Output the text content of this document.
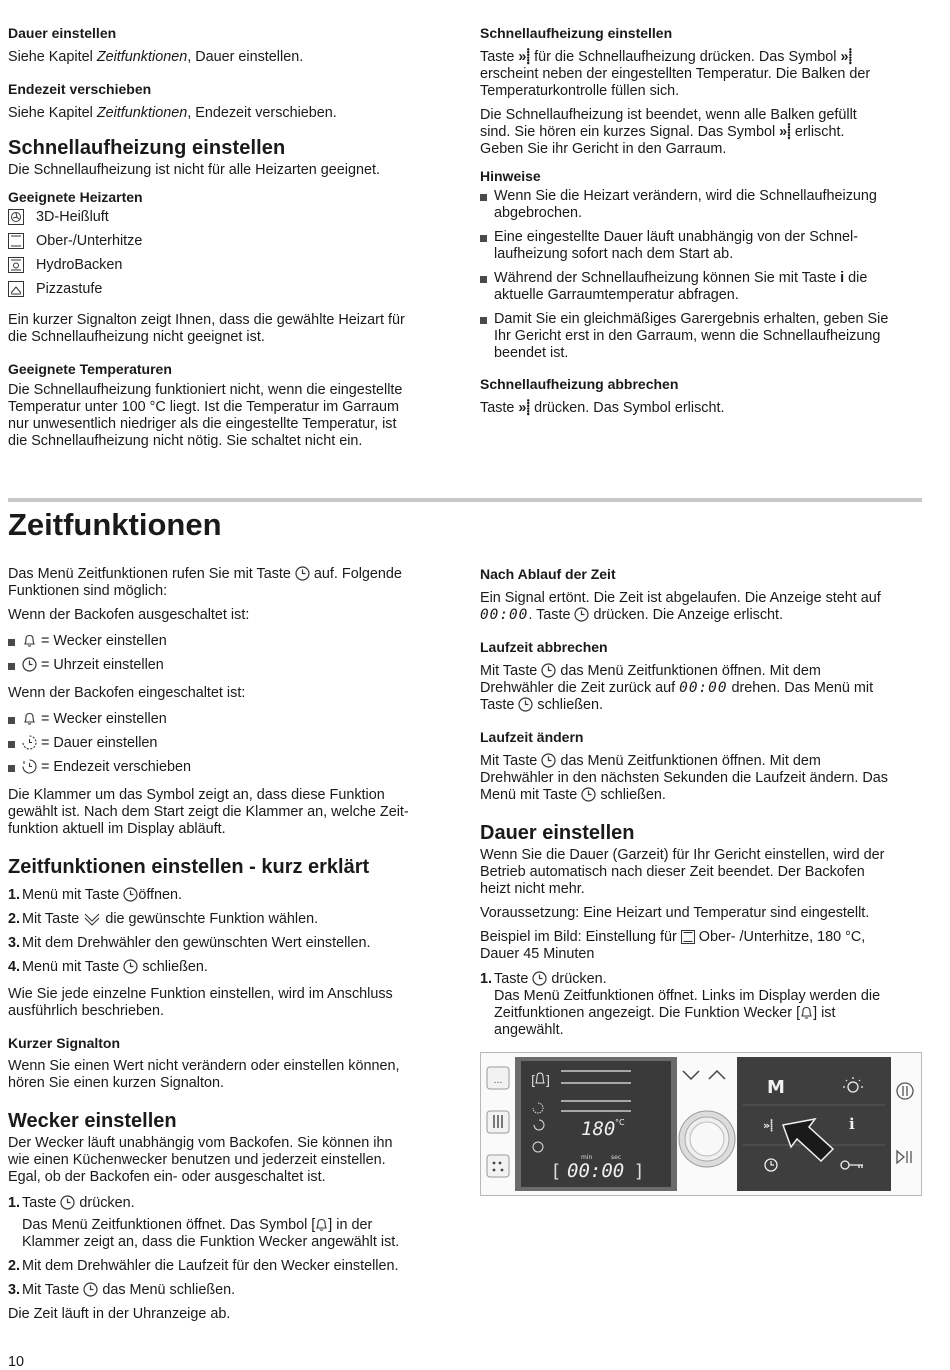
Dauer einstellen
Siehe Kapitel Zeitfunktionen, Dauer einstellen.
Endezeit verschieben
Siehe Kapitel Zeitfunktionen, Endezeit verschieben.
Schnellaufheizung einstellen
Die Schnellaufheizung ist nicht für alle Heizarten geeignet.
Geeignete Heizarten
3D-Heißluft
Ober-/Unterhitze
HydroBacken
Pizzastufe
Ein kurzer Signalton zeigt Ihnen, dass die gewählte Heizart für
die Schnellaufheizung nicht geeignet ist.
Geeignete Temperaturen
Die Schnellaufheizung funktioniert nicht, wenn die eingestellte
Temperatur unter 100 °C liegt. Ist die Temperatur im Garraum
nur unwesentlich niedriger als die eingestellte Temperatur, ist
die Schnellaufheizung nicht nötig. Sie schaltet nicht ein.
Schnellaufheizung einstellen
Taste »⸽ für die Schnellaufheizung drücken. Das Symbol »⸽
erscheint neben der eingestellten Temperatur. Die Balken der
Temperaturkontrolle füllen sich.
Die Schnellaufheizung ist beendet, wenn alle Balken gefüllt
sind. Sie hören ein kurzes Signal. Das Symbol »⸽ erlischt.
Geben Sie ihr Gericht in den Garraum.
Hinweise
Wenn Sie die Heizart verändern, wird die Schnellaufheizung
abgebrochen.
Eine eingestellte Dauer läuft unabhängig von der Schnel-
laufheizung sofort nach dem Start ab.
Während der Schnellaufheizung können Sie mit Taste i die
aktuelle Garraumtemperatur abfragen.
Damit Sie ein gleichmäßiges Garergebnis erhalten, geben Sie
Ihr Gericht erst in den Garraum, wenn die Schnellaufheizung
beendet ist.
Schnellaufheizung abbrechen
Taste »⸽ drücken. Das Symbol erlischt.
Zeitfunktionen
Das Menü Zeitfunktionen rufen Sie mit Taste auf. Folgende
Funktionen sind möglich:
Wenn der Backofen ausgeschaltet ist:
= Wecker einstellen
= Uhrzeit einstellen
Wenn der Backofen eingeschaltet ist:
= Wecker einstellen
= Dauer einstellen
= Endezeit verschieben
Die Klammer um das Symbol zeigt an, dass diese Funktion
gewählt ist. Nach dem Start zeigt die Klammer an, welche Zeit-
funktion aktuell im Display abläuft.
Zeitfunktionen einstellen - kurz erklärt
1. Menü mit Taste öffnen.
2. Mit Taste die gewünschte Funktion wählen.
3. Mit dem Drehwähler den gewünschten Wert einstellen.
4. Menü mit Taste schließen.
Wie Sie jede einzelne Funktion einstellen, wird im Anschluss
ausführlich beschrieben.
Kurzer Signalton
Wenn Sie einen Wert nicht verändern oder einstellen können,
hören Sie einen kurzen Signalton.
Wecker einstellen
Der Wecker läuft unabhängig vom Backofen. Sie können ihn
wie einen Küchenwecker benutzen und jederzeit einstellen.
Egal, ob der Backofen ein- oder ausgeschaltet ist.
1. Taste drücken.
Das Menü Zeitfunktionen öffnet. Das Symbol [ ] in der
Klammer zeigt an, dass die Funktion Wecker angewählt ist.
2. Mit dem Drehwähler die Laufzeit für den Wecker einstellen.
3. Mit Taste das Menü schließen.
Die Zeit läuft in der Uhranzeige ab.
10
Nach Ablauf der Zeit
Ein Signal ertönt. Die Zeit ist abgelaufen. Die Anzeige steht auf
00:00. Taste drücken. Die Anzeige erlischt.
Laufzeit abbrechen
Mit Taste das Menü Zeitfunktionen öffnen. Mit dem
Drehwähler die Zeit zurück auf 00:00 drehen. Das Menü mit
Taste schließen.
Laufzeit ändern
Mit Taste das Menü Zeitfunktionen öffnen. Mit dem
Drehwähler in den nächsten Sekunden die Laufzeit ändern. Das
Menü mit Taste schließen.
Dauer einstellen
Wenn Sie die Dauer (Garzeit) für Ihr Gericht einstellen, wird der
Betrieb automatisch nach dieser Zeit beendet. Der Backofen
heizt nicht mehr.
Voraussetzung: Eine Heizart und Temperatur sind eingestellt.
Beispiel im Bild: Einstellung für Ober- /Unterhitze, 180 °C,
Dauer 45 Minuten
1. Taste drücken.
Das Menü Zeitfunktionen öffnet. Links im Display werden die
Zeitfunktionen angezeigt. Die Funktion Wecker [ ] ist
angewählt.
… [ ]
180 °C
[ 00:00 ]
min	sec
M
»⸽	i
